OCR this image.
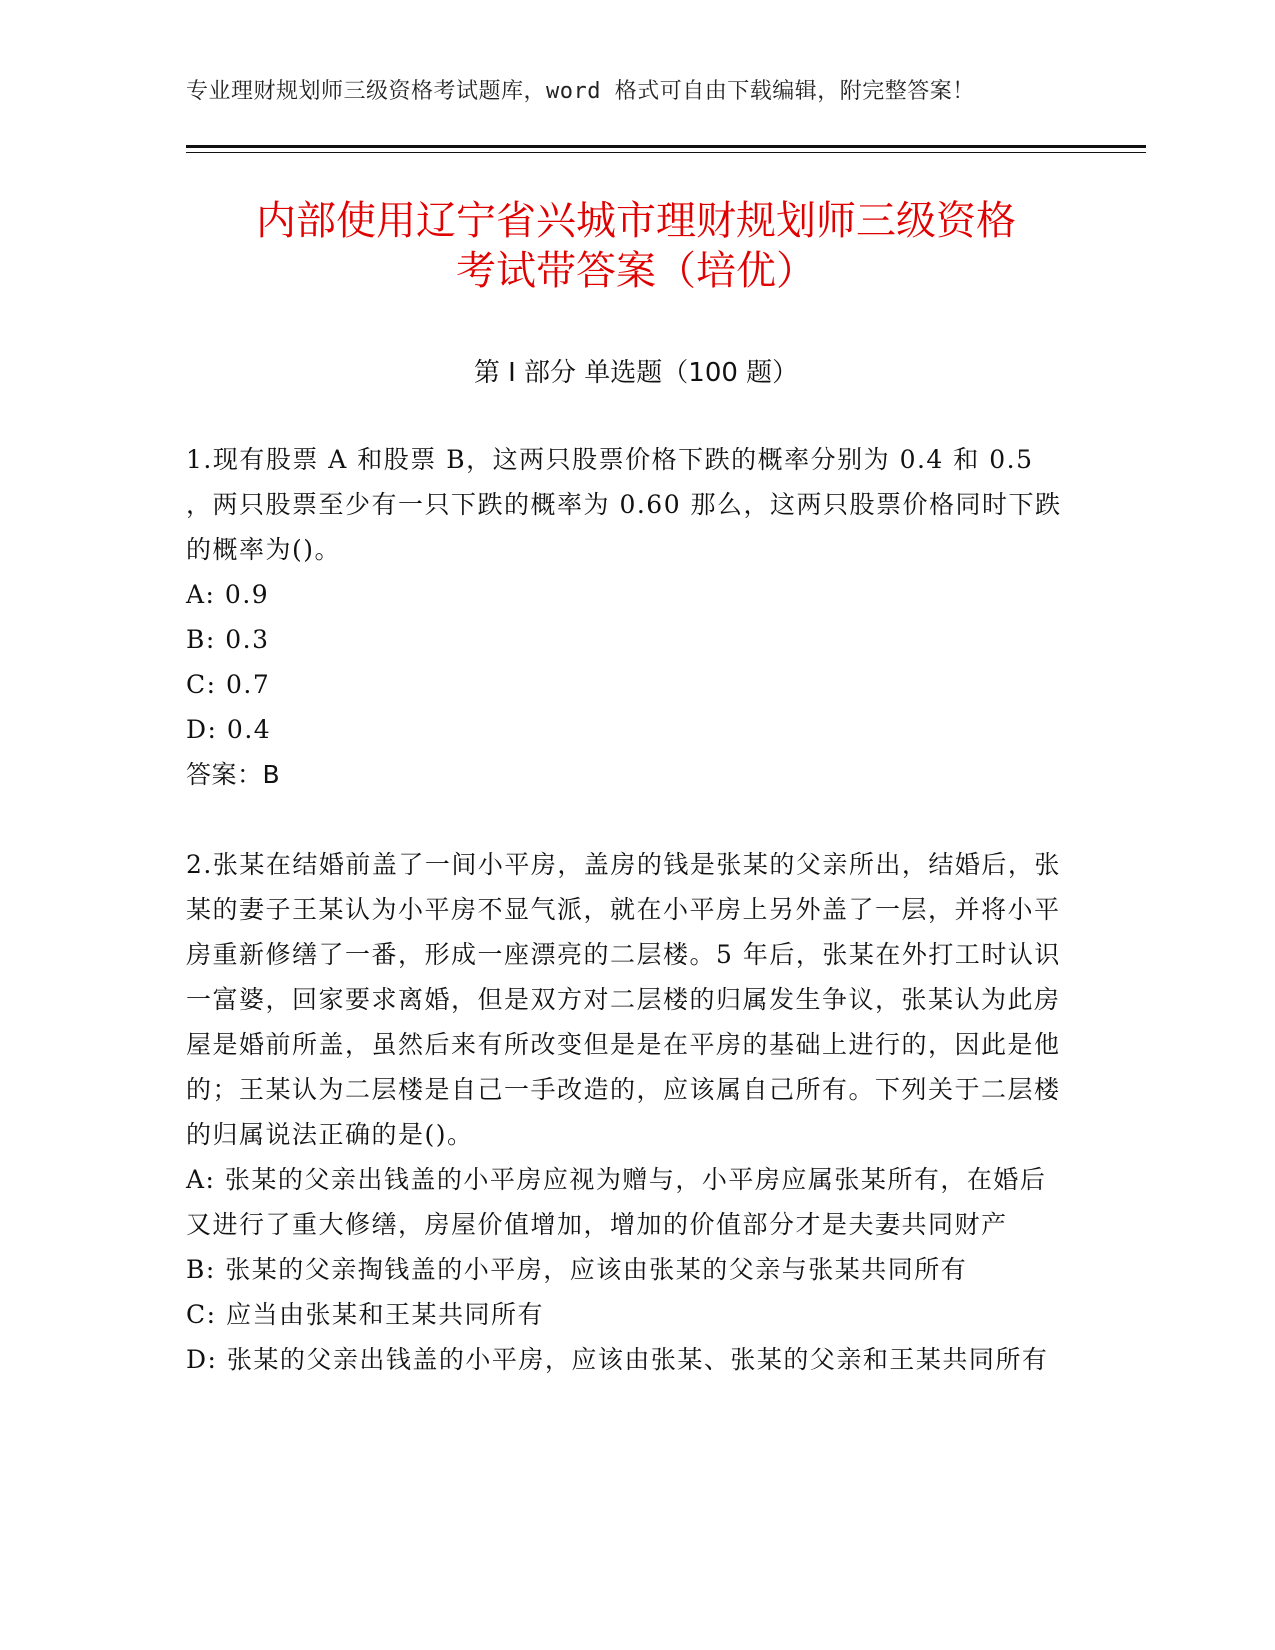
专业理财规划师三级资格考试题库，word 格式可自由下载编辑，附完整答案！
内部使用辽宁省兴城市理财规划师三级资格
考试带答案（培优）
第 I 部分 单选题（100 题）

1.现有股票 A 和股票 B，这两只股票价格下跌的概率分别为 0.4 和 0.5 ，两只股票至少有一只下跌的概率为 0.60 那么，这两只股票价格同时下跌的概率为()。

A: 0.9

B: 0.3

C: 0.7

D: 0.4

答案：B

2.张某在结婚前盖了一间小平房，盖房的钱是张某的父亲所出，结婚后，张某的妻子王某认为小平房不显气派，就在小平房上另外盖了一层，并将小平房重新修缮了一番，形成一座漂亮的二层楼。5 年后，张某在外打工时认识一富婆，回家要求离婚，但是双方对二层楼的归属发生争议，张某认为此房屋是婚前所盖，虽然后来有所改变但是是在平房的基础上进行的，因此是他的；王某认为二层楼是自己一手改造的，应该属自己所有。下列关于二层楼的归属说法正确的是()。

A: 张某的父亲出钱盖的小平房应视为赠与，小平房应属张某所有，在婚后又进行了重大修缮，房屋价值增加，增加的价值部分才是夫妻共同财产

B: 张某的父亲掏钱盖的小平房，应该由张某的父亲与张某共同所有

C: 应当由张某和王某共同所有

D: 张某的父亲出钱盖的小平房，应该由张某、张某的父亲和王某共同所有
